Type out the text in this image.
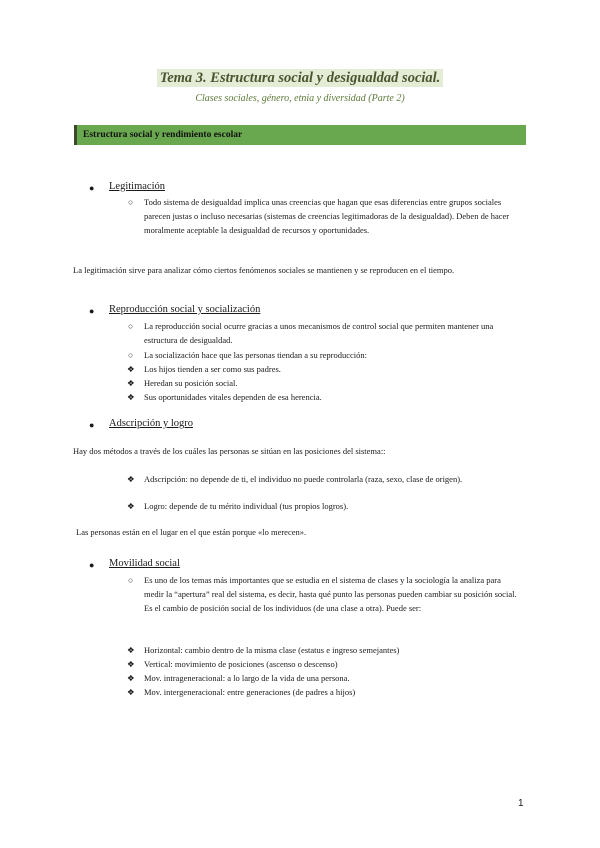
Tema 3. Estructura social y desigualdad social.
Clases sociales, género, etnia y diversidad (Parte 2)
Estructura social y rendimiento escolar
● Legitimación
○ Todo sistema de desigualdad implica unas creencias que hagan que esas diferencias entre grupos sociales parecen justas o incluso necesarias (sistemas de creencias legitimadoras de la desigualdad). Deben de hacer moralmente aceptable la desigualdad de recursos y oportunidades.
La legitimación sirve para analizar cómo ciertos fenómenos sociales se mantienen y se reproducen en el tiempo.
● Reproducción social y socialización
○ La reproducción social ocurre gracias a unos mecanismos de control social que permiten mantener una estructura de desigualdad.
○ La socialización hace que las personas tiendan a su reproducción:
❖ Los hijos tienden a ser como sus padres.
❖ Heredan su posición social.
❖ Sus oportunidades vitales dependen de esa herencia.
● Adscripción y logro
Hay dos métodos a través de los cuáles las personas se sitúan en las posiciones del sistema::
❖ Adscripción: no depende de ti, el individuo no puede controlarla (raza, sexo, clase de origen).
❖ Logro: depende de tu mérito individual (tus propios logros).
Las personas están en el lugar en el que están porque «lo merecen».
● Movilidad social
○ Es uno de los temas más importantes que se estudia en el sistema de clases y la sociología la analiza para medir la “apertura” real del sistema, es decir, hasta qué punto las personas pueden cambiar su posición social. Es el cambio de posición social de los individuos (de una clase a otra). Puede ser:
❖ Horizontal: cambio dentro de la misma clase (estatus e ingreso semejantes)
❖ Vertical: movimiento de posiciones (ascenso o descenso)
❖ Mov. intrageneracional: a lo largo de la vida de una persona.
❖ Mov. intergeneracional: entre generaciones (de padres a hijos)
1
